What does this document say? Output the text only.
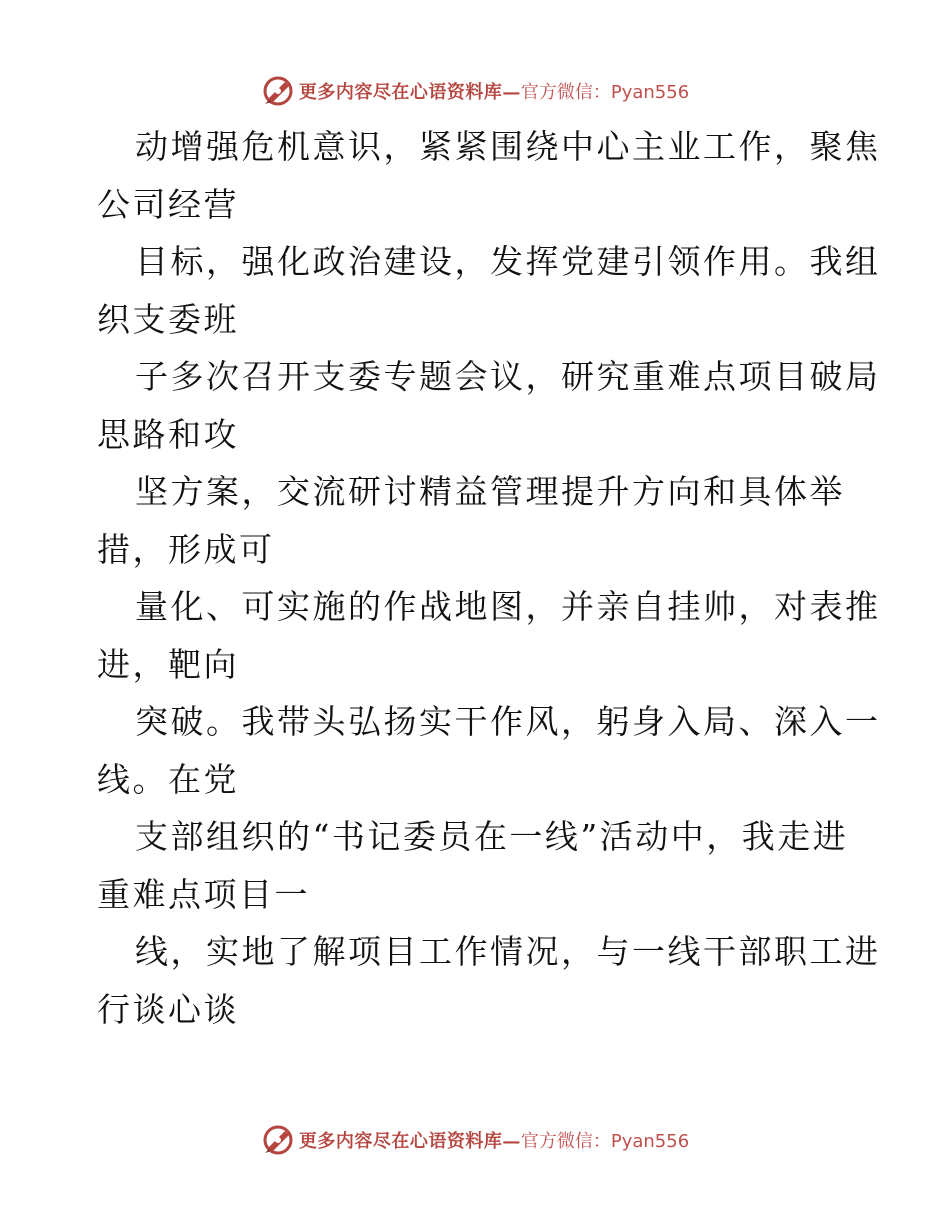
更多内容尽在心语资料库—官方微信：Pyan556

动增强危机意识，紧紧围绕中心主业工作，聚焦
公司经营

目标，强化政治建设，发挥党建引领作用。我组
织支委班

子多次召开支委专题会议，研究重难点项目破局
思路和攻

坚方案，交流研讨精益管理提升方向和具体举
措，形成可

量化、可实施的作战地图，并亲自挂帅，对表推
进，靶向

突破。我带头弘扬实干作风，躬身入局、深入一
线。在党

支部组织的“书记委员在一线”活动中，我走进
重难点项目一

线，实地了解项目工作情况，与一线干部职工进
行谈心谈

更多内容尽在心语资料库—官方微信：Pyan556
